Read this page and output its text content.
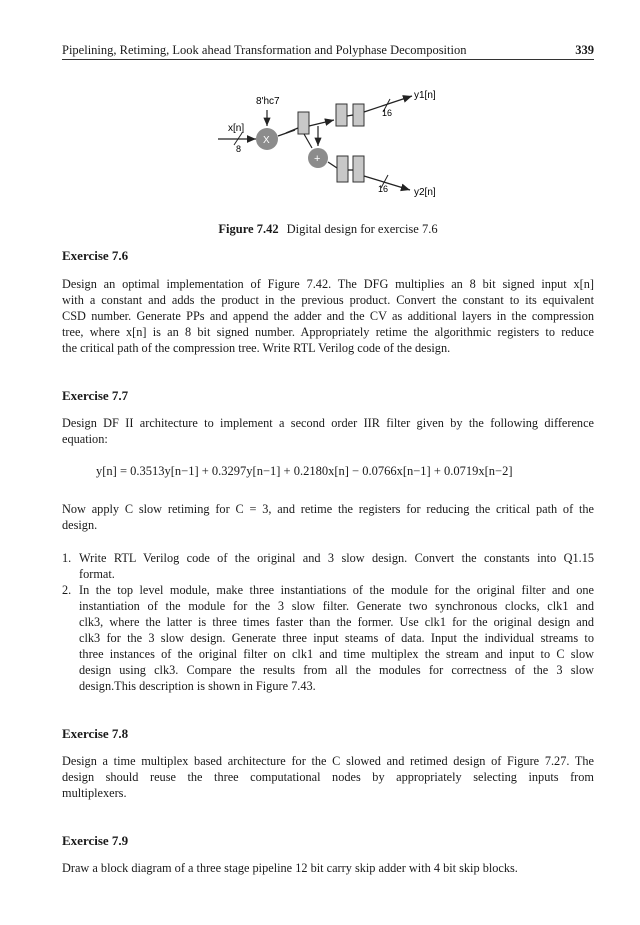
Pipelining, Retiming, Look ahead Transformation and Polyphase Decomposition	339
x[n]
8
8'hc7
X
16
y1[n]
+
16	y2[n]
Figure 7.42 Digital design for exercise 7.6
Exercise 7.6
Design an optimal implementation of Figure 7.42. The DFG multiplies an 8 bit signed input x[n]
with a constant and adds the product in the previous product. Convert the constant to its equivalent
CSD number. Generate PPs and append the adder and the CV as additional layers in the compression
tree, where x[n] is an 8 bit signed number. Appropriately retime the algorithmic registers to reduce
the critical path of the compression tree. Write RTL Verilog code of the design.
Exercise 7.7
Design DF II architecture to implement a second order IIR filter given by the following difference
equation:
y[n] = 0.3513y[n−1] + 0.3297y[n−1] + 0.2180x[n] − 0.0766x[n−1] + 0.0719x[n−2]
Now apply C slow retiming for C = 3, and retime the registers for reducing the critical path of the
design.
1. Write RTL Verilog code of the original and 3 slow design. Convert the constants into Q1.15
format.
2. In the top level module, make three instantiations of the module for the original filter and one
instantiation of the module for the 3 slow filter. Generate two synchronous clocks, clk1 and
clk3, where the latter is three times faster than the former. Use clk1 for the original design and
clk3 for the 3 slow design. Generate three input steams of data. Input the individual streams to
three instances of the original filter on clk1 and time multiplex the stream and input to C slow
design using clk3. Compare the results from all the modules for correctness of the 3 slow
design.This description is shown in Figure 7.43.
Exercise 7.8
Design a time multiplex based architecture for the C slowed and retimed design of Figure 7.27. The
design should reuse the three computational nodes by appropriately selecting inputs from
multiplexers.
Exercise 7.9
Draw a block diagram of a three stage pipeline 12 bit carry skip adder with 4 bit skip blocks.
